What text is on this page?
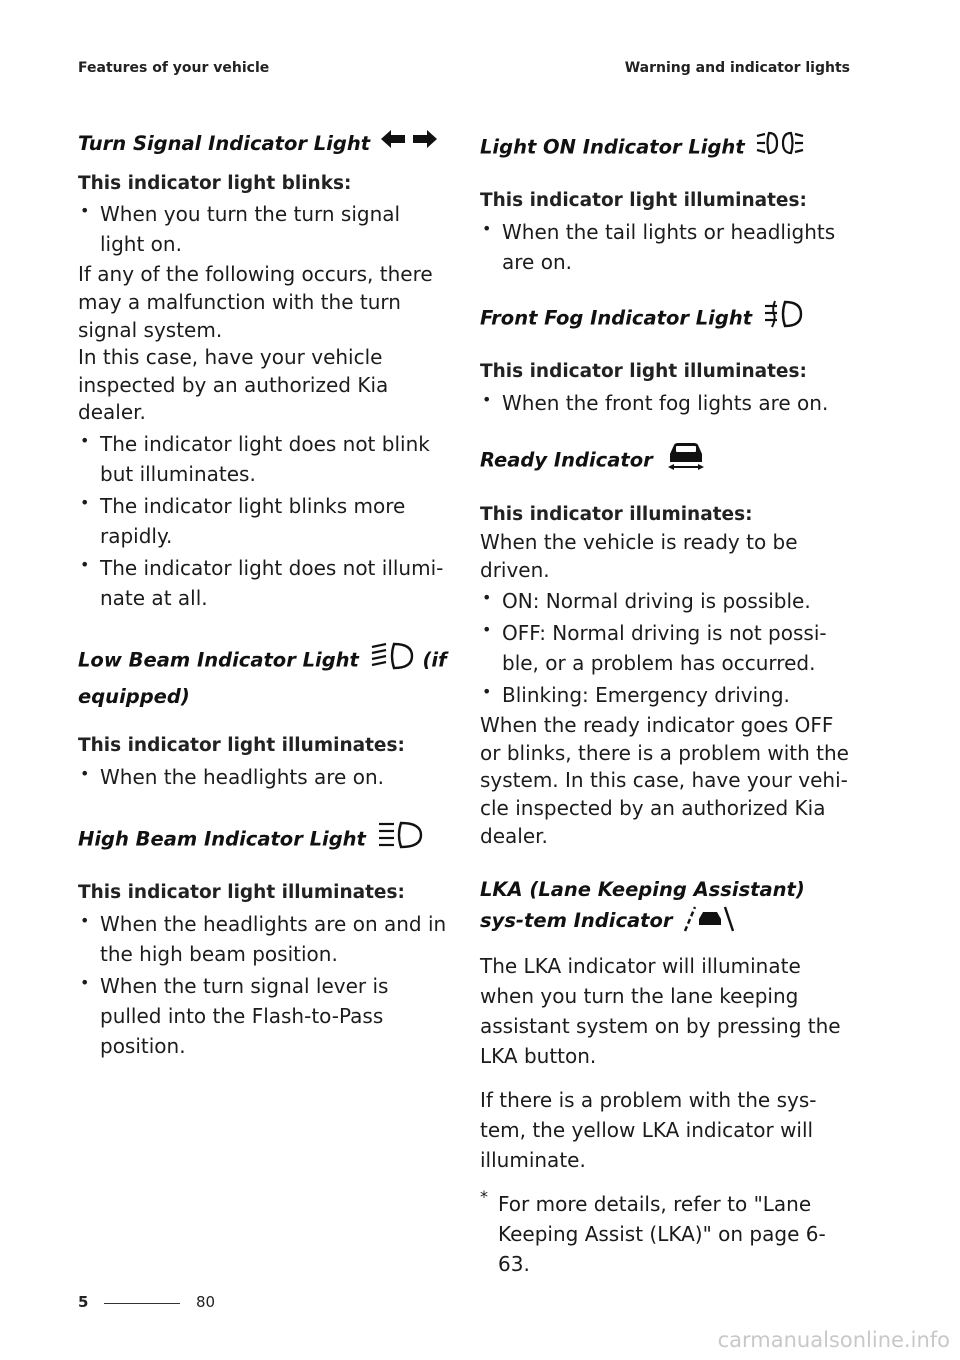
Features of your vehicle	Warning and indicator lights
Turn Signal Indicator Light

This indicator light blinks:

• When you turn the turn signal light on.

If any of the following occurs, there may a malfunction with the turn signal system.

In this case, have your vehicle inspected by an authorized Kia dealer.

• The indicator light does not blink but illuminates.
• The indicator light blinks more rapidly.
• The indicator light does not illumi-nate at all.
Low Beam Indicator Light	(if equipped)

This indicator light illuminates:

• When the headlights are on.
High Beam Indicator Light

This indicator light illuminates:

• When the headlights are on and in the high beam position.
• When the turn signal lever is pulled into the Flash-to-Pass position.
Light ON Indicator Light

This indicator light illuminates:

• When the tail lights or headlights are on.
Front Fog Indicator Light

This indicator light illuminates:

• When the front fog lights are on.
Ready Indicator

This indicator illuminates:

When the vehicle is ready to be driven.

• ON: Normal driving is possible.
• OFF: Normal driving is not possi-ble, or a problem has occurred.
• Blinking: Emergency driving.

When the ready indicator goes OFF or blinks, there is a problem with the system. In this case, have your vehi-cle inspected by an authorized Kia dealer.

LKA (Lane Keeping Assistant) sys-tem Indicator

The LKA indicator will illuminate when you turn the lane keeping assistant system on by pressing the LKA button.

If there is a problem with the sys-tem, the yellow LKA indicator will illuminate.

* For more details, refer to "Lane Keeping Assist (LKA)" on page 6-63.

5	80
carmanualsonline.info
